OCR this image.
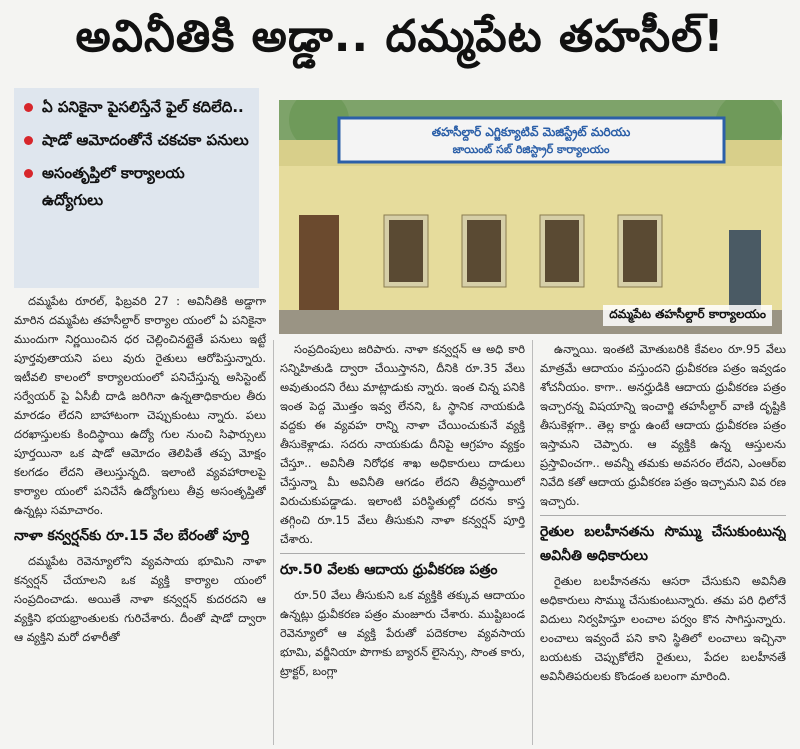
అవినీతికి అడ్డా.. దమ్మపేట తహసీల్!
ఏ పనికైనా పైసలిస్తేనే ఫైల్ కదిలేది..
షాడో ఆమోదంతోనే చకచకా పనులు
అసంతృప్తిలో కార్యాలయ ఉద్యోగులు
తహసీల్దార్ ఎగ్జిక్యూటివ్ మెజిస్ట్రేట్ మరియు
జాయింట్ సబ్ రిజిస్ట్రార్ కార్యాలయం
దమ్మపేట తహసీల్దార్ కార్యాలయం

దమ్మపేట రూరల్, ఫిబ్రవరి 27 : అవినీతికి అడ్డాగా మారిన దమ్మపేట తహసీల్దార్ కార్యాల యంలో ఏ పనికైనా ముందుగా నిర్ణయించిన ధర చెల్లించినట్లైతే పనులు ఇట్టే పూర్తవుతాయని పలు వురు రైతులు ఆరోపిస్తున్నారు. ఇటీవలి కాలంలో కార్యాలయంలో పనిచేస్తున్న అసిస్టెంట్ సర్వేయర్ పై ఏసీబీ దాడి జరిగినా ఉన్నతాధికారుల తీరు మారడం లేదని బాహాటంగా చెప్పుకుంటు న్నారు. పలు దరఖాస్తులకు కిందిస్థాయి ఉద్యో గుల నుంచి సిఫార్సులు పూర్తయినా ఒక షాడో ఆమోదం తెలిపితే తప్ప మోక్షం కలగడం లేదని తెలుస్తున్నది. ఇలాంటి వ్యవహారాలపై కార్యాల యంలో పనిచేసే ఉద్యోగులు తీవ్ర అసంతృప్తితో ఉన్నట్లు సమాచారం.

నాళా కన్వర్షన్‌కు రూ.15 వేల బేరంతో పూర్తి

దమ్మపేట రెవెన్యూలోని వ్యవసాయ భూమిని నాళా కన్వర్షన్ చేయాలని ఒక వ్యక్తి కార్యాల యంలో సంప్రదించాడు. అయితే నాళా కన్వర్షన్ కుదరదని ఆ వ్యక్తిని భయభ్రాంతులకు గురిచేశారు. దీంతో షాడో ద్వారా ఆ వ్యక్తిని మరో దళారీతో

సంప్రదింపులు జరిపారు. నాళా కన్వర్షన్ ఆ అధి కారి సన్నిహితుడి ద్వారా చేయిస్తానని, దీనికి రూ.35 వేలు అవుతుందని రేటు మాట్లాడుకు న్నారు. ఇంత చిన్న పనికి ఇంత పెద్ద మొత్తం ఇవ్వ లేనని, ఓ స్థానిక నాయకుడి వద్దకు ఈ వ్యవహ రాన్ని నాళా చేయించుకునే వ్యక్తి తీసుకెళ్లాడు. సదరు నాయకుడు దీనిపై ఆగ్రహం వ్యక్తం చేస్తూ.. అవినీతి నిరోధక శాఖ అధికారులు దాడులు చేస్తున్నా మీ అవినీతి ఆగడం లేదని తీవ్రస్థాయిలో విరుచుకుపడ్డాడు. ఇలాంటి పరిస్థితుల్లో దరను కాస్త తగ్గించి రూ.15 వేలు తీసుకుని నాళా కన్వర్షన్ పూర్తి చేశారు.

రూ.50 వేలకు ఆదాయ ధ్రువీకరణ పత్రం

రూ.50 వేలు తీసుకుని ఒక వ్యక్తికి తక్కువ ఆదాయం ఉన్నట్లు ధ్రువీకరణ పత్రం మంజూరు చేశారు. ముష్టిబండ రెవెన్యూలో ఆ వ్యక్తి పేరుతో పదెకరాల వ్యవసాయ భూమి, వర్జీనియా పొగాకు బ్యారన్ లైసెన్సు, సొంత కారు, ట్రాక్టర్, బంగ్లా

ఉన్నాయి. ఇంతటి మోతుబరికి కేవలం రూ.95 వేలు మాత్రమే ఆదాయం వస్తుందని ధ్రువీకరణ పత్రం ఇవ్వడం శోచనీయం. కాగా.. అనర్హుడికి ఆదాయ ధ్రువీకరణ పత్రం ఇచ్చారన్న విషయాన్ని ఇంచార్జి తహసీల్దార్ వాణి దృష్టికి తీసుకెళ్లగా.. తెల్ల కార్డు ఉంటే ఆదాయ ధ్రువీకరణ పత్రం ఇస్తామని చెప్పారు. ఆ వ్యక్తికి ఉన్న ఆస్తులను ప్రస్తావించగా.. అవన్నీ తమకు అవసరం లేదని, ఎంఆర్ఐ నివేది కతో ఆదాయ ధ్రువీకరణ పత్రం ఇచ్చామని వివ రణ ఇచ్చారు.

రైతుల బలహీనతను సొమ్ము చేసుకుంటున్న అవినీతి అధికారులు

రైతుల బలహీనతను ఆసరా చేసుకుని అవినీతి అధికారులు సొమ్ము చేసుకుంటున్నారు. తమ పరి ధిలోనే విదులు నిర్వహిస్తూ లంచాల పర్వం కొన సాగిస్తున్నారు. లంచాలు ఇవ్వందే పని కాని స్థితిలో లంచాలు ఇచ్చినా బయటకు చెప్పుకోలేని రైతులు, పేదల బలహీనతే అవినీతిపరులకు కొండంత బలంగా మారింది.
